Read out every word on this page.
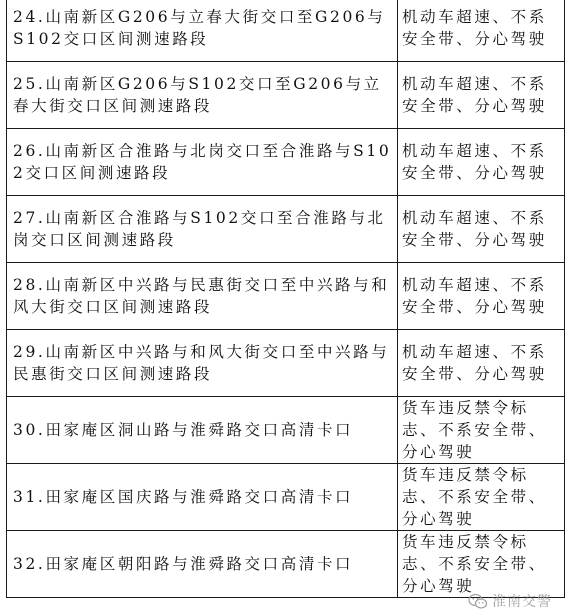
24.山南新区G206与立春大街交口至G206与S102交口区间测速路段	机动车超速、不系安全带、分心驾驶
25.山南新区G206与S102交口至G206与立春大街交口区间测速路段	机动车超速、不系安全带、分心驾驶
26.山南新区合淮路与北岗交口至合淮路与S102交口区间测速路段	机动车超速、不系安全带、分心驾驶
27.山南新区合淮路与S102交口至合淮路与北岗交口区间测速路段	机动车超速、不系安全带、分心驾驶
28.山南新区中兴路与民惠街交口至中兴路与和风大街交口区间测速路段	机动车超速、不系安全带、分心驾驶
29.山南新区中兴路与和风大街交口至中兴路与民惠街交口区间测速路段	机动车超速、不系安全带、分心驾驶
30.田家庵区洞山路与淮舜路交口高清卡口	货车违反禁令标志、不系安全带、分心驾驶
31.田家庵区国庆路与淮舜路交口高清卡口	货车违反禁令标志、不系安全带、分心驾驶
32.田家庵区朝阳路与淮舜路交口高清卡口	货车违反禁令标志、不系安全带、分心驾驶
淮南交警
